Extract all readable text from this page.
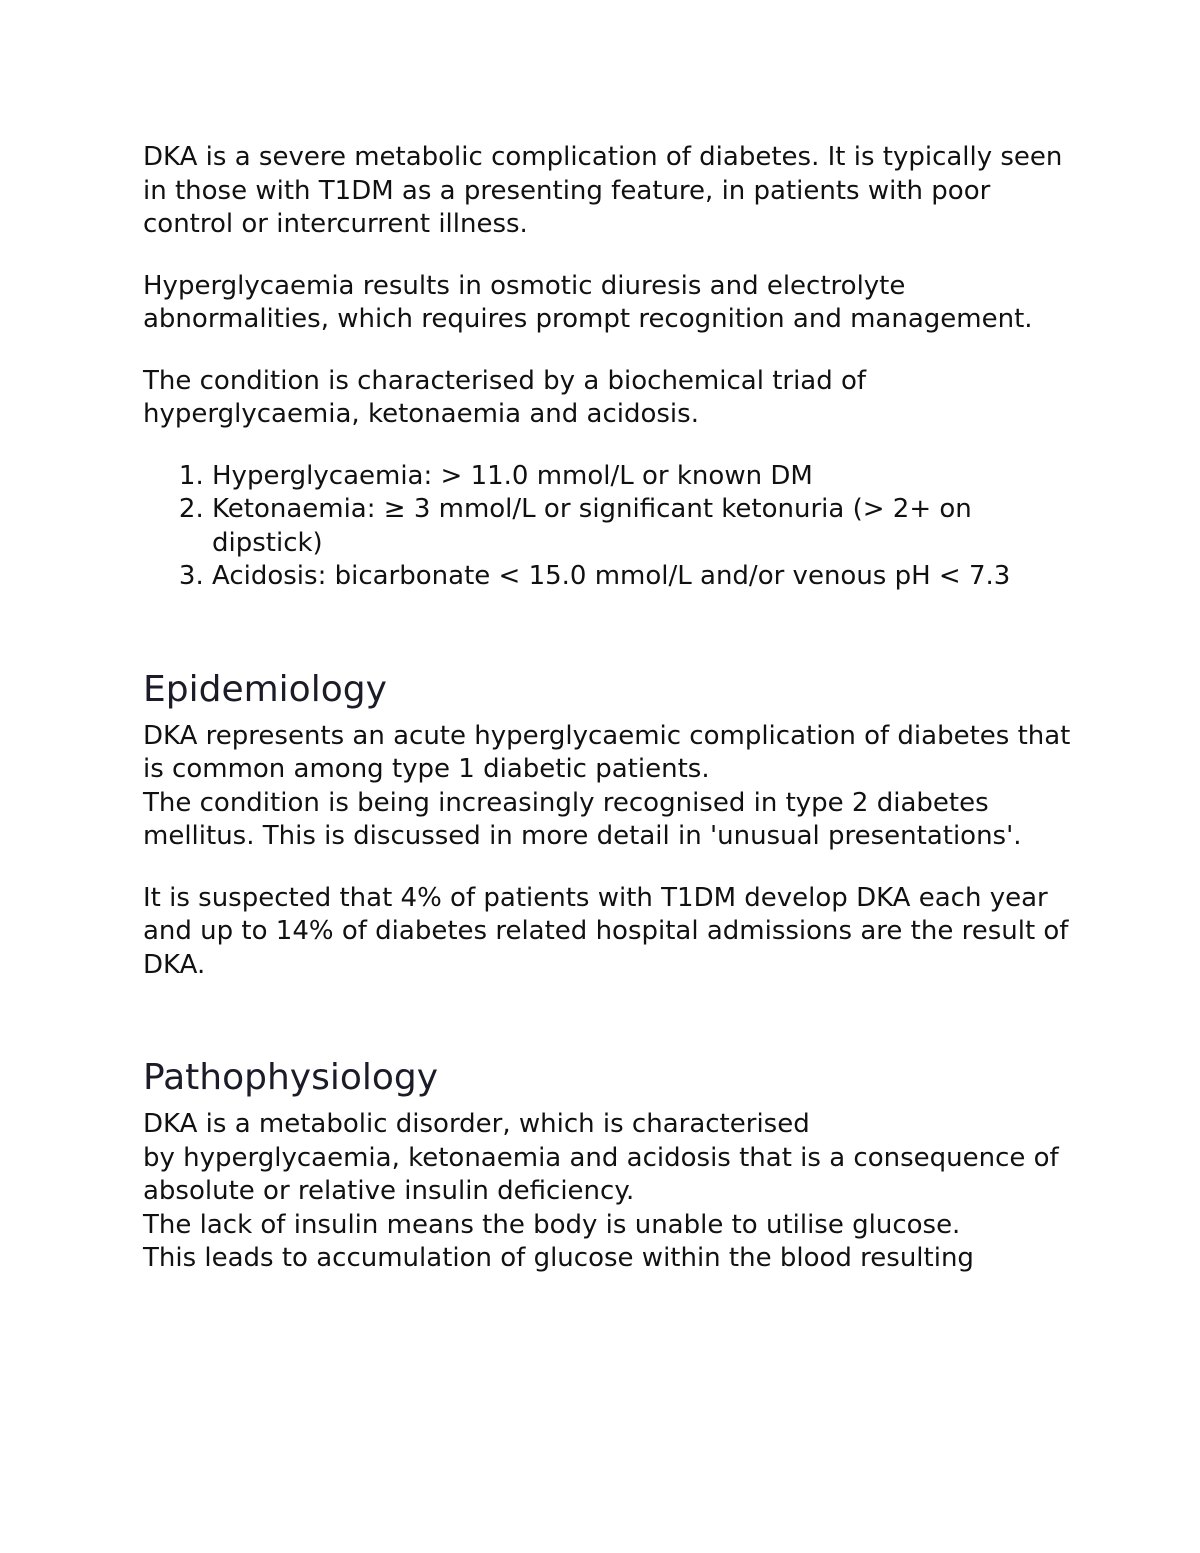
DKA is a severe metabolic complication of diabetes. It is typically seen in those with T1DM as a presenting feature, in patients with poor control or intercurrent illness.

Hyperglycaemia results in osmotic diuresis and electrolyte abnormalities, which requires prompt recognition and management.

The condition is characterised by a biochemical triad of hyperglycaemia, ketonaemia and acidosis.

1. Hyperglycaemia: > 11.0 mmol/L or known DM
2. Ketonaemia: ≥ 3 mmol/L or significant ketonuria (> 2+ on dipstick)
3. Acidosis: bicarbonate < 15.0 mmol/L and/or venous pH < 7.3
Epidemiology

DKA represents an acute hyperglycaemic complication of diabetes that is common among type 1 diabetic patients.
The condition is being increasingly recognised in type 2 diabetes mellitus. This is discussed in more detail in 'unusual presentations'.

It is suspected that 4% of patients with T1DM develop DKA each year and up to 14% of diabetes related hospital admissions are the result of DKA.

Pathophysiology

DKA is a metabolic disorder, which is characterised
by hyperglycaemia, ketonaemia and acidosis that is a consequence of absolute or relative insulin deficiency.
The lack of insulin means the body is unable to utilise glucose.
This leads to accumulation of glucose within the blood resulting
